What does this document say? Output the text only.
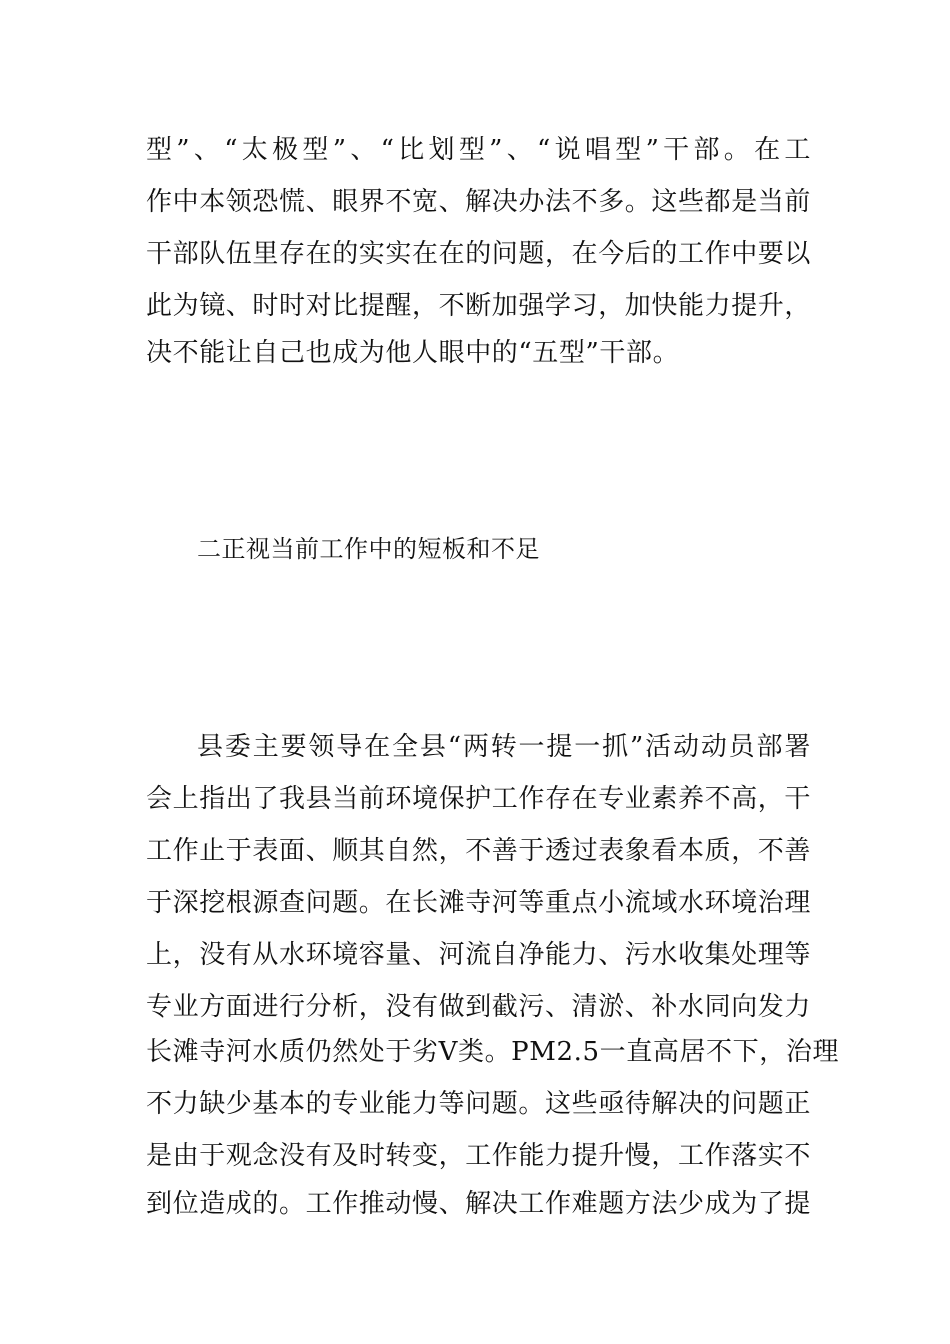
型”、“太极型”、“比划型”、“说唱型”干部。在工
作中本领恐慌、眼界不宽、解决办法不多。这些都是当前
干部队伍里存在的实实在在的问题，在今后的工作中要以
此为镜、时时对比提醒，不断加强学习，加快能力提升，
决不能让自己也成为他人眼中的“五型”干部。
二正视当前工作中的短板和不足
县委主要领导在全县“两转一提一抓”活动动员部署
会上指出了我县当前环境保护工作存在专业素养不高，干
工作止于表面、顺其自然，不善于透过表象看本质，不善
于深挖根源查问题。在长滩寺河等重点小流域水环境治理
上，没有从水环境容量、河流自净能力、污水收集处理等
专业方面进行分析，没有做到截污、清淤、补水同向发力
长滩寺河水质仍然处于劣Ⅴ类。PM2.5一直高居不下，治理
不力缺少基本的专业能力等问题。这些亟待解决的问题正
是由于观念没有及时转变，工作能力提升慢，工作落实不
到位造成的。工作推动慢、解决工作难题方法少成为了提
